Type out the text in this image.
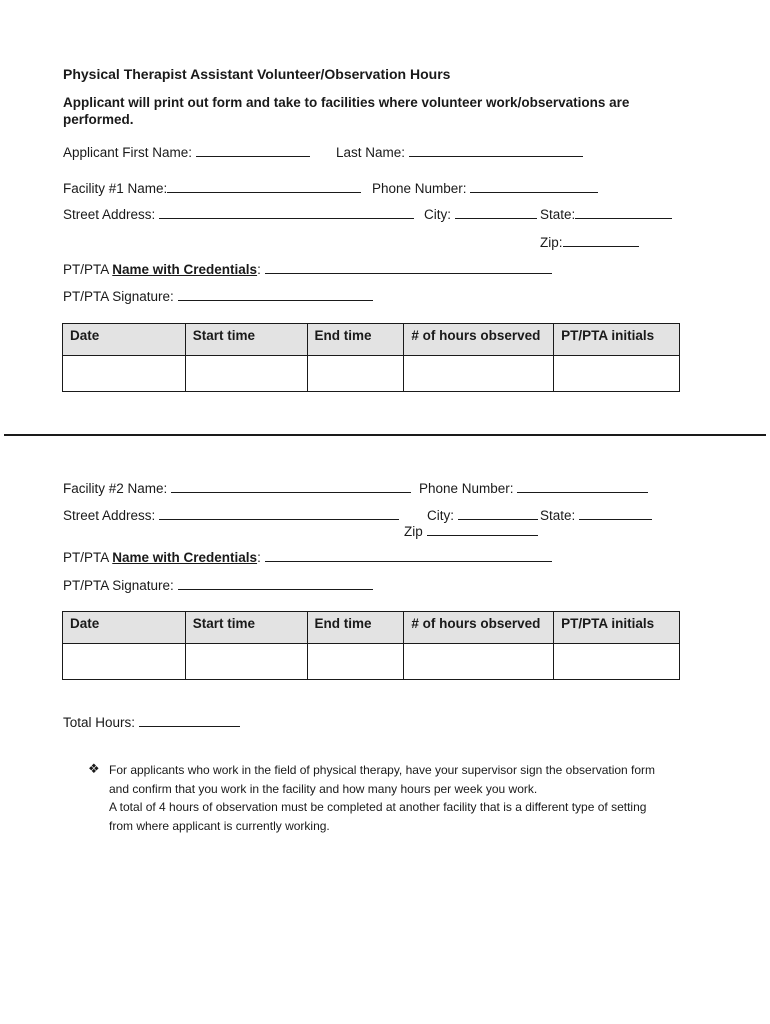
Physical Therapist Assistant Volunteer/Observation Hours
Applicant will print out form and take to facilities where volunteer work/observations are performed.
Applicant First Name:	Last Name:
Facility #1 Name:	Phone Number:
Street Address:	City:	State:
Zip:
PT/PTA Name with Credentials:
PT/PTA Signature:
Date	Start time	End time	# of hours observed	PT/PTA initials

Facility #2 Name:	Phone Number:
Street Address:	City:	State:
Zip
PT/PTA Name with Credentials:
PT/PTA Signature:
Date	Start time	End time	# of hours observed	PT/PTA initials

Total Hours:
❖ For applicants who work in the field of physical therapy, have your supervisor sign the observation form and confirm that you work in the facility and how many hours per week you work.
A total of 4 hours of observation must be completed at another facility that is a different type of setting from where applicant is currently working.
